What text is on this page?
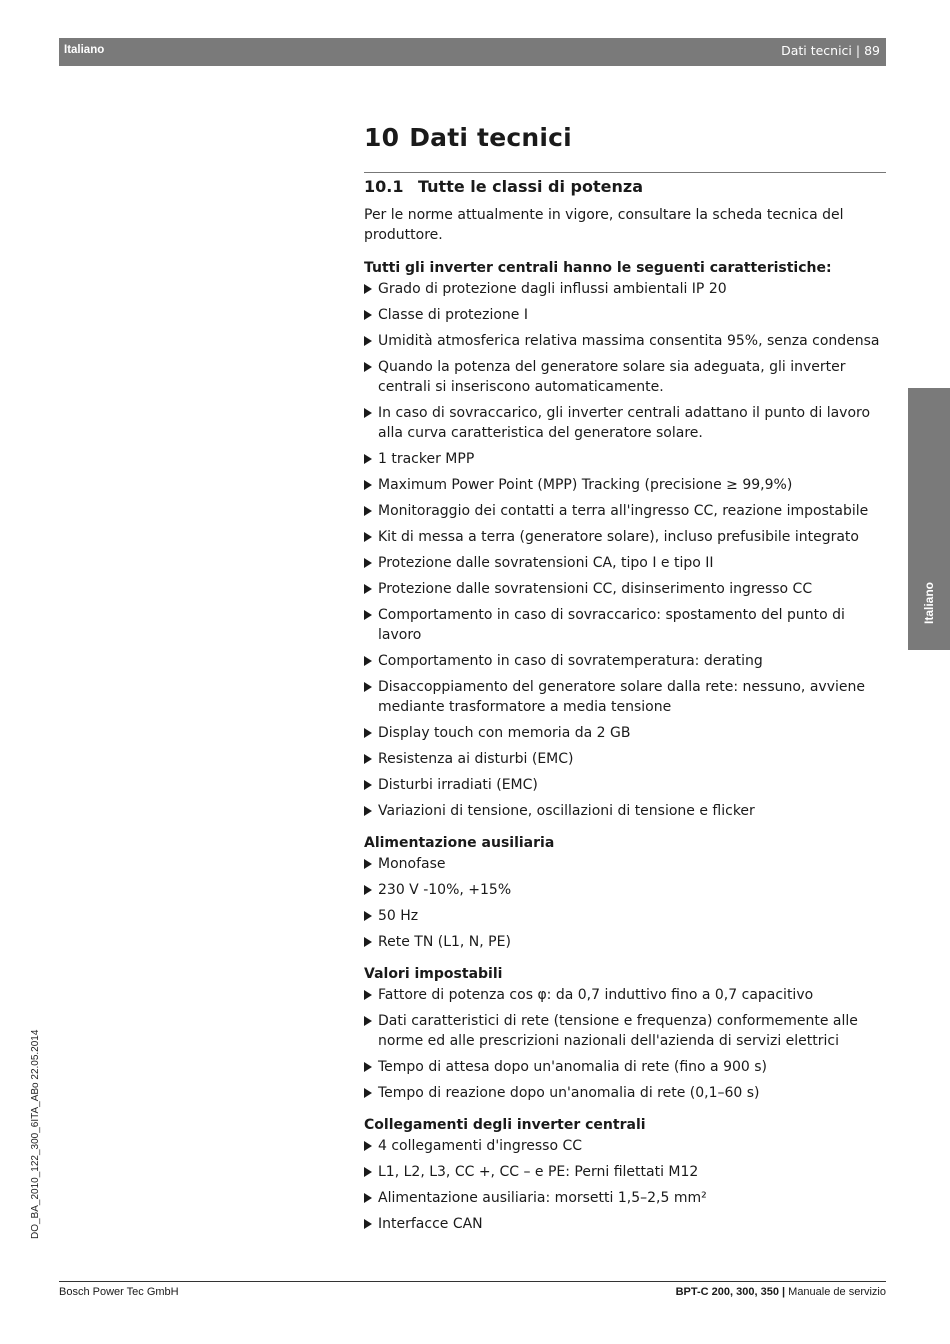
Italiano	Dati tecnici | 89
Italiano
DO_BA_2010_122_300_6ITA_ABo 22.05.2014
10 Dati tecnici
10.1 Tutte le classi di potenza

Per le norme attualmente in vigore, consultare la scheda tecnica del produttore.

Tutti gli inverter centrali hanno le seguenti caratteristiche:
Grado di protezione dagli influssi ambientali IP 20
Classe di protezione I
Umidità atmosferica relativa massima consentita 95%, senza condensa
Quando la potenza del generatore solare sia adeguata, gli inverter centrali si inseriscono automaticamente.
In caso di sovraccarico, gli inverter centrali adattano il punto di lavoro alla curva caratteristica del generatore solare.
1 tracker MPP
Maximum Power Point (MPP) Tracking (precisione ≥ 99,9%)
Monitoraggio dei contatti a terra all'ingresso CC, reazione impostabile
Kit di messa a terra (generatore solare), incluso prefusibile integrato
Protezione dalle sovratensioni CA, tipo I e tipo II
Protezione dalle sovratensioni CC, disinserimento ingresso CC
Comportamento in caso di sovraccarico: spostamento del punto di lavoro
Comportamento in caso di sovratemperatura: derating
Disaccoppiamento del generatore solare dalla rete: nessuno, avviene mediante trasformatore a media tensione
Display touch con memoria da 2 GB
Resistenza ai disturbi (EMC)
Disturbi irradiati (EMC)
Variazioni di tensione, oscillazioni di tensione e flicker
Alimentazione ausiliaria
Monofase
230 V -10%, +15%
50 Hz
Rete TN (L1, N, PE)
Valori impostabili
Fattore di potenza cos φ: da 0,7 induttivo fino a 0,7 capacitivo
Dati caratteristici di rete (tensione e frequenza) conformemente alle norme ed alle prescrizioni nazionali dell'azienda di servizi elettrici
Tempo di attesa dopo un'anomalia di rete (fino a 900 s)
Tempo di reazione dopo un'anomalia di rete (0,1–60 s)
Collegamenti degli inverter centrali
4 collegamenti d'ingresso CC
L1, L2, L3, CC +, CC – e PE: Perni filettati M12
Alimentazione ausiliaria: morsetti 1,5–2,5 mm²
Interfacce CAN
Bosch Power Tec GmbH	BPT-C 200, 300, 350 | Manuale de servizio
